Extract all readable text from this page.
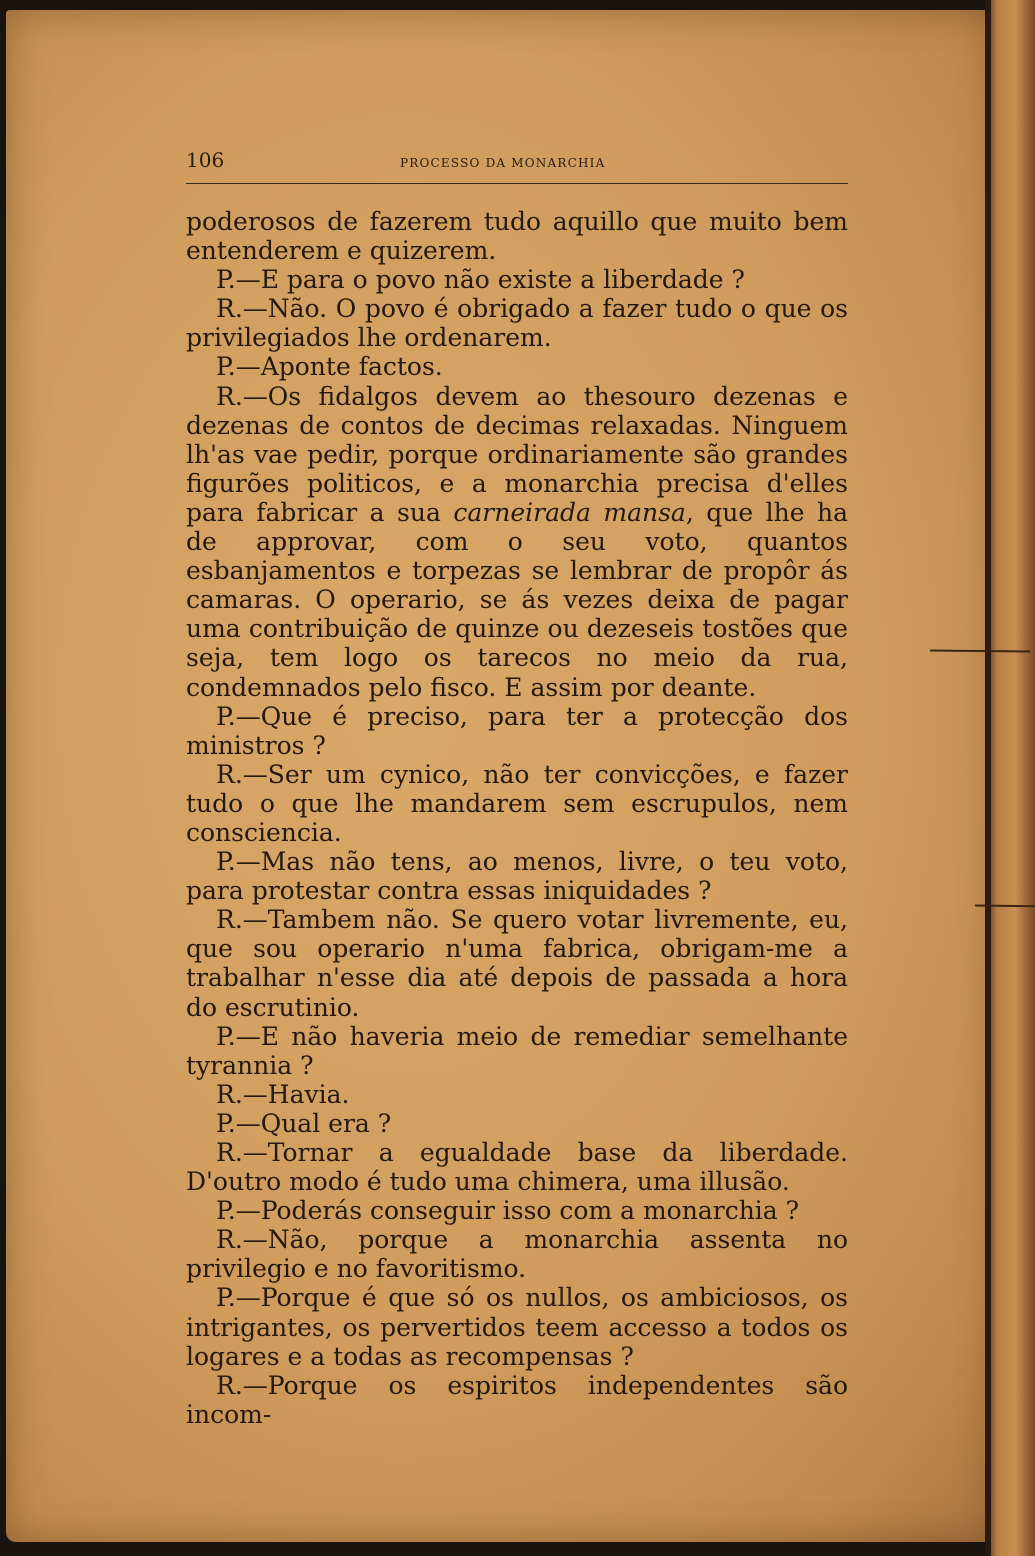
106	PROCESSO DA MONARCHIA

poderosos de fazerem tudo aquillo que muito bem entenderem e quizerem.

P.—E para o povo não existe a liberdade ?

R.—Não. O povo é obrigado a fazer tudo o que os privilegiados lhe ordenarem.

P.—Aponte factos.

R.—Os fidalgos devem ao thesouro dezenas e dezenas de contos de decimas relaxadas. Ninguem lh'as vae pedir, porque ordinariamente são grandes figurões politicos, e a monarchia precisa d'elles para fabricar a sua carneirada mansa, que lhe ha de approvar, com o seu voto, quantos esbanjamentos e torpezas se lembrar de propôr ás camaras. O operario, se ás vezes deixa de pagar uma contribuição de quinze ou dezeseis tostões que seja, tem logo os tarecos no meio da rua, condemnados pelo fisco. E assim por deante.

P.—Que é preciso, para ter a protecção dos ministros ?

R.—Ser um cynico, não ter convicções, e fazer tudo o que lhe mandarem sem escrupulos, nem consciencia.

P.—Mas não tens, ao menos, livre, o teu voto, para protestar contra essas iniquidades ?

R.—Tambem não. Se quero votar livremente, eu, que sou operario n'uma fabrica, obrigam-me a trabalhar n'esse dia até depois de passada a hora do escrutinio.

P.—E não haveria meio de remediar semelhante tyrannia ?

R.—Havia.

P.—Qual era ?

R.—Tornar a egualdade base da liberdade. D'outro modo é tudo uma chimera, uma illusão.

P.—Poderás conseguir isso com a monarchia ?

R.—Não, porque a monarchia assenta no privilegio e no favoritismo.

P.—Porque é que só os nullos, os ambiciosos, os intrigantes, os pervertidos teem accesso a todos os logares e a todas as recompensas ?

R.—Porque os espiritos independentes são incom-
